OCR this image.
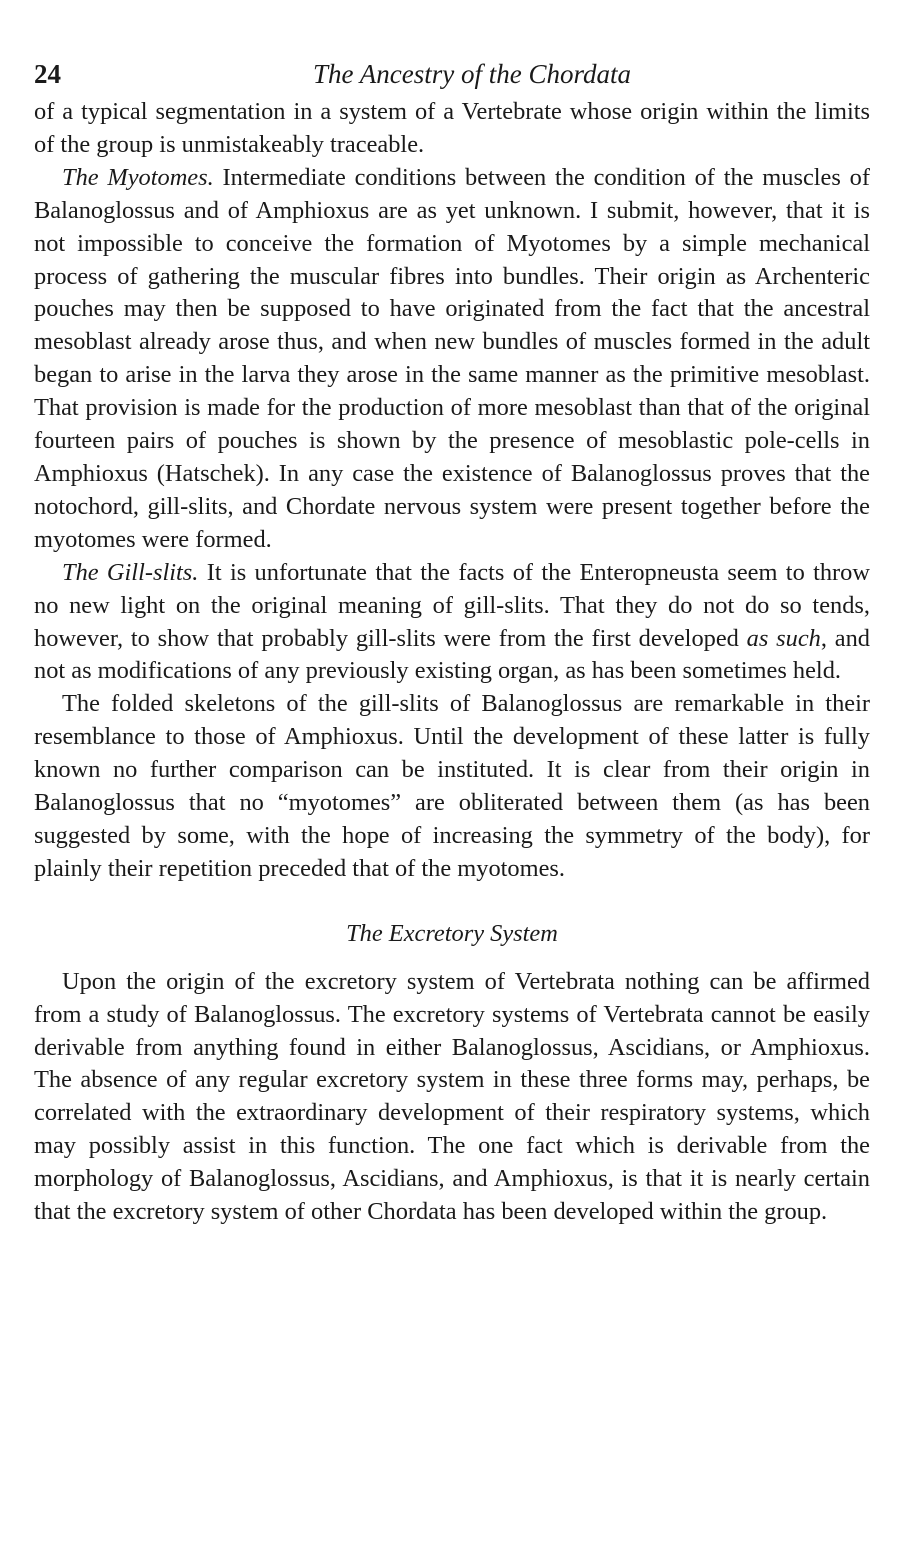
24	The Ancestry of the Chordata

of a typical segmentation in a system of a Vertebrate whose origin within the limits of the group is unmistakeably traceable.

The Myotomes. Intermediate conditions between the condition of the muscles of Balanoglossus and of Amphioxus are as yet unknown. I submit, however, that it is not impossible to conceive the formation of Myotomes by a simple mechanical process of gathering the muscular fibres into bundles. Their origin as Archenteric pouches may then be supposed to have originated from the fact that the ancestral mesoblast already arose thus, and when new bundles of muscles formed in the adult began to arise in the larva they arose in the same manner as the primitive mesoblast. That provision is made for the production of more mesoblast than that of the original fourteen pairs of pouches is shown by the presence of mesoblastic pole-cells in Amphioxus (Hatschek). In any case the existence of Balanoglossus proves that the notochord, gill-slits, and Chordate nervous system were present together before the myotomes were formed.

The Gill-slits. It is unfortunate that the facts of the Enteropneusta seem to throw no new light on the original meaning of gill-slits. That they do not do so tends, however, to show that probably gill-slits were from the first developed as such, and not as modifications of any previously existing organ, as has been sometimes held.

The folded skeletons of the gill-slits of Balanoglossus are remarkable in their resemblance to those of Amphioxus. Until the development of these latter is fully known no further comparison can be instituted. It is clear from their origin in Balanoglossus that no “myotomes” are obliterated between them (as has been suggested by some, with the hope of increasing the symmetry of the body), for plainly their repetition preceded that of the myotomes.

The Excretory System

Upon the origin of the excretory system of Vertebrata nothing can be affirmed from a study of Balanoglossus. The excretory systems of Vertebrata cannot be easily derivable from anything found in either Balanoglossus, Ascidians, or Amphioxus. The absence of any regular excretory system in these three forms may, perhaps, be correlated with the extraordinary development of their respiratory systems, which may possibly assist in this function. The one fact which is derivable from the morphology of Balanoglossus, Ascidians, and Amphioxus, is that it is nearly certain that the excretory system of other Chordata has been developed within the group.
